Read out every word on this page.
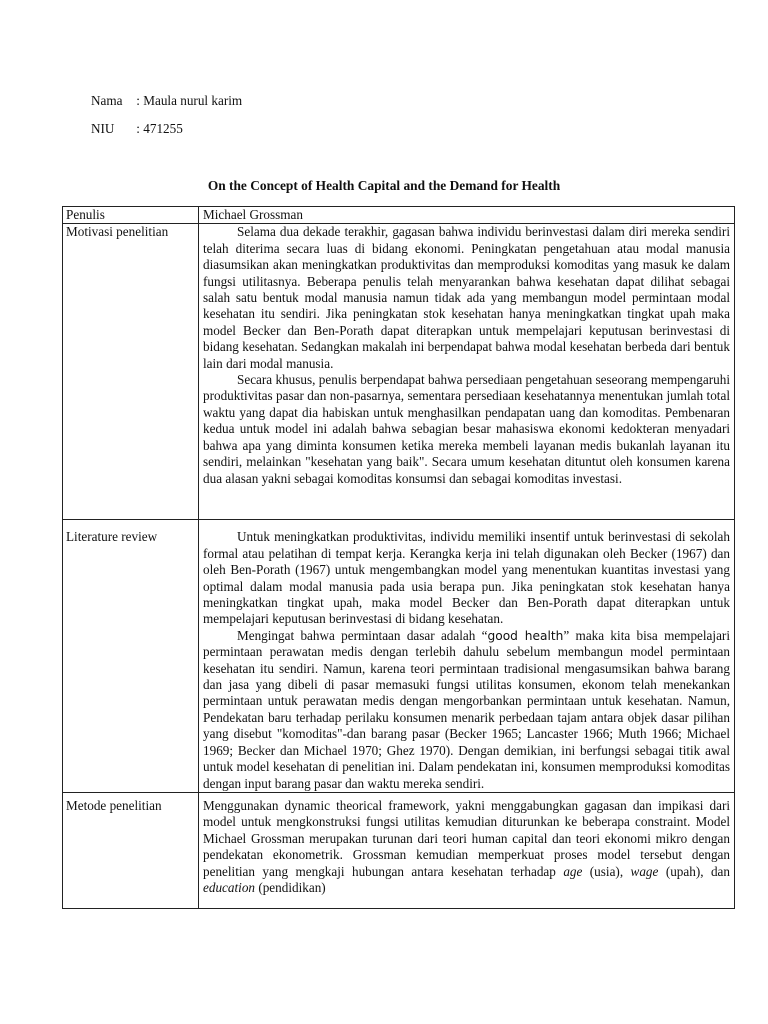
Nama : Maula nurul karim
NIU : 471255
On the Concept of Health Capital and the Demand for Health
Penulis	Michael Grossman
Motivasi penelitian	Selama dua dekade terakhir, gagasan bahwa individu berinvestasi dalam diri mereka sendiri telah diterima secara luas di bidang ekonomi. Peningkatan pengetahuan atau modal manusia diasumsikan akan meningkatkan produktivitas dan memproduksi komoditas yang masuk ke dalam fungsi utilitasnya. Beberapa penulis telah menyarankan bahwa kesehatan dapat dilihat sebagai salah satu bentuk modal manusia namun tidak ada yang membangun model permintaan modal kesehatan itu sendiri. Jika peningkatan stok kesehatan hanya meningkatkan tingkat upah maka model Becker dan Ben-Porath dapat diterapkan untuk mempelajari keputusan berinvestasi di bidang kesehatan. Sedangkan makalah ini berpendapat bahwa modal kesehatan berbeda dari bentuk lain dari modal manusia.

Secara khusus, penulis berpendapat bahwa persediaan pengetahuan seseorang mempengaruhi produktivitas pasar dan non-pasarnya, sementara persediaan kesehatannya menentukan jumlah total waktu yang dapat dia habiskan untuk menghasilkan pendapatan uang dan komoditas. Pembenaran kedua untuk model ini adalah bahwa sebagian besar mahasiswa ekonomi kedokteran menyadari bahwa apa yang diminta konsumen ketika mereka membeli layanan medis bukanlah layanan itu sendiri, melainkan "kesehatan yang baik". Secara umum kesehatan dituntut oleh konsumen karena dua alasan yakni sebagai komoditas konsumsi dan sebagai komoditas investasi.

Literature review	Untuk meningkatkan produktivitas, individu memiliki insentif untuk berinvestasi di sekolah formal atau pelatihan di tempat kerja. Kerangka kerja ini telah digunakan oleh Becker (1967) dan oleh Ben-Porath (1967) untuk mengembangkan model yang menentukan kuantitas investasi yang optimal dalam modal manusia pada usia berapa pun. Jika peningkatan stok kesehatan hanya meningkatkan tingkat upah, maka model Becker dan Ben-Porath dapat diterapkan untuk mempelajari keputusan berinvestasi di bidang kesehatan.

Mengingat bahwa permintaan dasar adalah “good health” maka kita bisa mempelajari permintaan perawatan medis dengan terlebih dahulu sebelum membangun model permintaan kesehatan itu sendiri. Namun, karena teori permintaan tradisional mengasumsikan bahwa barang dan jasa yang dibeli di pasar memasuki fungsi utilitas konsumen, ekonom telah menekankan permintaan untuk perawatan medis dengan mengorbankan permintaan untuk kesehatan. Namun, Pendekatan baru terhadap perilaku konsumen menarik perbedaan tajam antara objek dasar pilihan yang disebut "komoditas"-dan barang pasar (Becker 1965; Lancaster 1966; Muth 1966; Michael 1969; Becker dan Michael 1970; Ghez 1970). Dengan demikian, ini berfungsi sebagai titik awal untuk model kesehatan di penelitian ini. Dalam pendekatan ini, konsumen memproduksi komoditas dengan input barang pasar dan waktu mereka sendiri.

Metode penelitian	Menggunakan dynamic theorical framework, yakni menggabungkan gagasan dan impikasi dari model untuk mengkonstruksi fungsi utilitas kemudian diturunkan ke beberapa constraint. Model Michael Grossman merupakan turunan dari teori human capital dan teori ekonomi mikro dengan pendekatan ekonometrik. Grossman kemudian memperkuat proses model tersebut dengan penelitian yang mengkaji hubungan antara kesehatan terhadap age (usia), wage (upah), dan education (pendidikan)
